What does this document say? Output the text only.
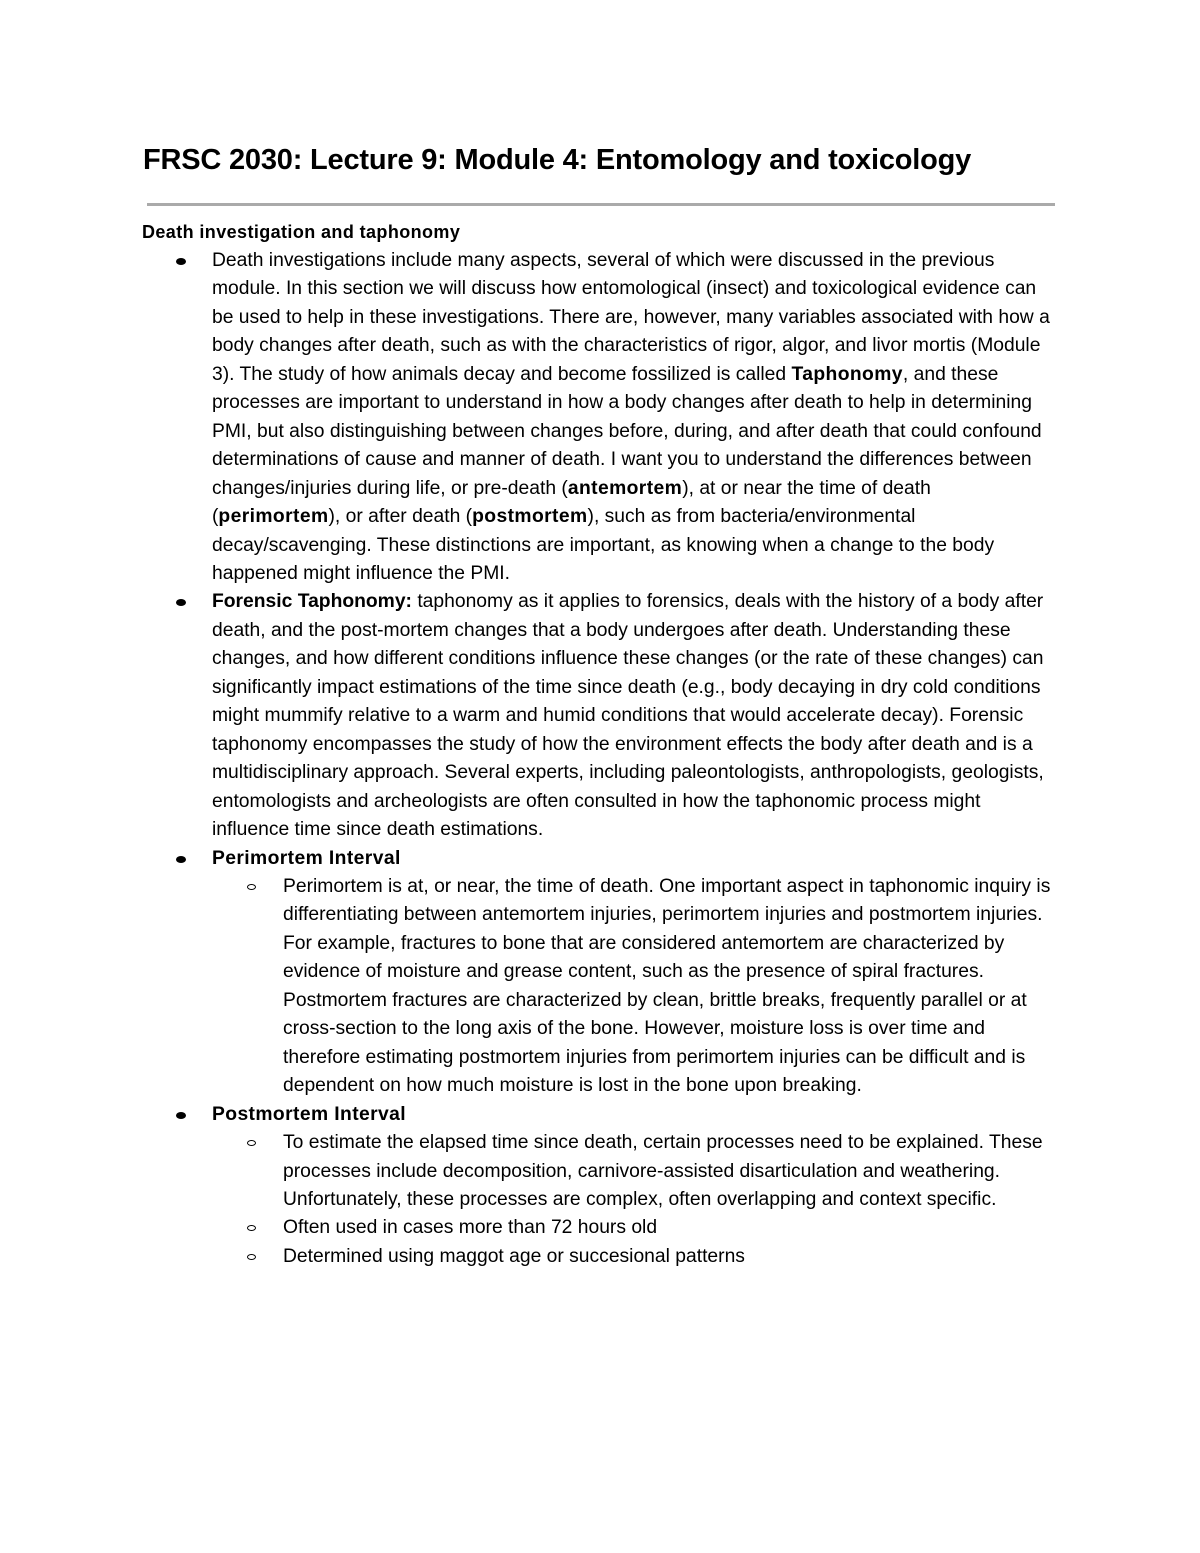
FRSC 2030: Lecture 9: Module 4: Entomology and toxicology
Death investigation and taphonomy
Death investigations include many aspects, several of which were discussed in the previous module. In this section we will discuss how entomological (insect) and toxicological evidence can be used to help in these investigations. There are, however, many variables associated with how a body changes after death, such as with the characteristics of rigor, algor, and livor mortis (Module 3). The study of how animals decay and become fossilized is called Taphonomy, and these processes are important to understand in how a body changes after death to help in determining PMI, but also distinguishing between changes before, during, and after death that could confound determinations of cause and manner of death. I want you to understand the differences between changes/injuries during life, or pre-death (antemortem), at or near the time of death (perimortem), or after death (postmortem), such as from bacteria/environmental decay/scavenging. These distinctions are important, as knowing when a change to the body happened might influence the PMI.
Forensic Taphonomy: taphonomy as it applies to forensics, deals with the history of a body after death, and the post-mortem changes that a body undergoes after death. Understanding these changes, and how different conditions influence these changes (or the rate of these changes) can significantly impact estimations of the time since death (e.g., body decaying in dry cold conditions might mummify relative to a warm and humid conditions that would accelerate decay). Forensic taphonomy encompasses the study of how the environment effects the body after death and is a multidisciplinary approach. Several experts, including paleontologists, anthropologists, geologists, entomologists and archeologists are often consulted in how the taphonomic process might influence time since death estimations.
Perimortem Interval
Perimortem is at, or near, the time of death. One important aspect in taphonomic inquiry is differentiating between antemortem injuries, perimortem injuries and postmortem injuries. For example, fractures to bone that are considered antemortem are characterized by evidence of moisture and grease content, such as the presence of spiral fractures. Postmortem fractures are characterized by clean, brittle breaks, frequently parallel or at cross-section to the long axis of the bone. However, moisture loss is over time and therefore estimating postmortem injuries from perimortem injuries can be difficult and is dependent on how much moisture is lost in the bone upon breaking.
Postmortem Interval
To estimate the elapsed time since death, certain processes need to be explained. These processes include decomposition, carnivore-assisted disarticulation and weathering. Unfortunately, these processes are complex, often overlapping and context specific.
Often used in cases more than 72 hours old
Determined using maggot age or succesional patterns
